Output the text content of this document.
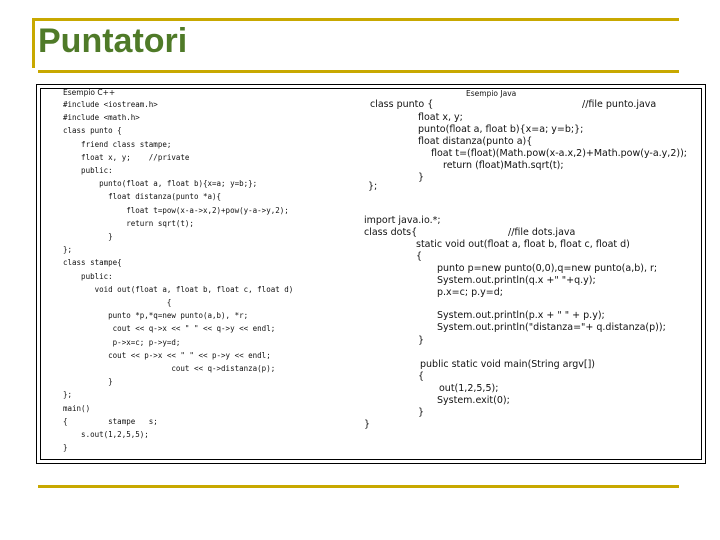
Puntatori
Esempio C++
#include <iostream.h>
#include <math.h>
class punto {
friend class stampe;
float x, y;    //private
public:
punto(float a, float b){x=a; y=b;};
float distanza(punto *a){
float t=pow(x-a->x,2)+pow(y-a->y,2);
return sqrt(t);
}
};
class stampe{
public:
void out(float a, float b, float c, float d)
{
punto *p,*q=new punto(a,b), *r;
cout << q->x << " " << q->y << endl;
p->x=c; p->y=d;
cout << p->x << " " << p->y << endl;
cout << q->distanza(p);
}
};
main()
{         stampe   s;
s.out(1,2,5,5);
}
Esempio Java
class punto {	//file punto.java
float x, y;
punto(float a, float b){x=a; y=b;};
float distanza(punto a){
float t=(float)(Math.pow(x-a.x,2)+Math.pow(y-a.y,2));
return (float)Math.sqrt(t);
}
};
import java.io.*;
class dots{	//file dots.java
static void out(float a, float b, float c, float d)
{
punto p=new punto(0,0),q=new punto(a,b), r;
System.out.println(q.x +" "+q.y);
p.x=c; p.y=d;
System.out.println(p.x + " " + p.y);
System.out.println("distanza="+ q.distanza(p));
}
public static void main(String argv[])
{
out(1,2,5,5);
System.exit(0);
}
}
